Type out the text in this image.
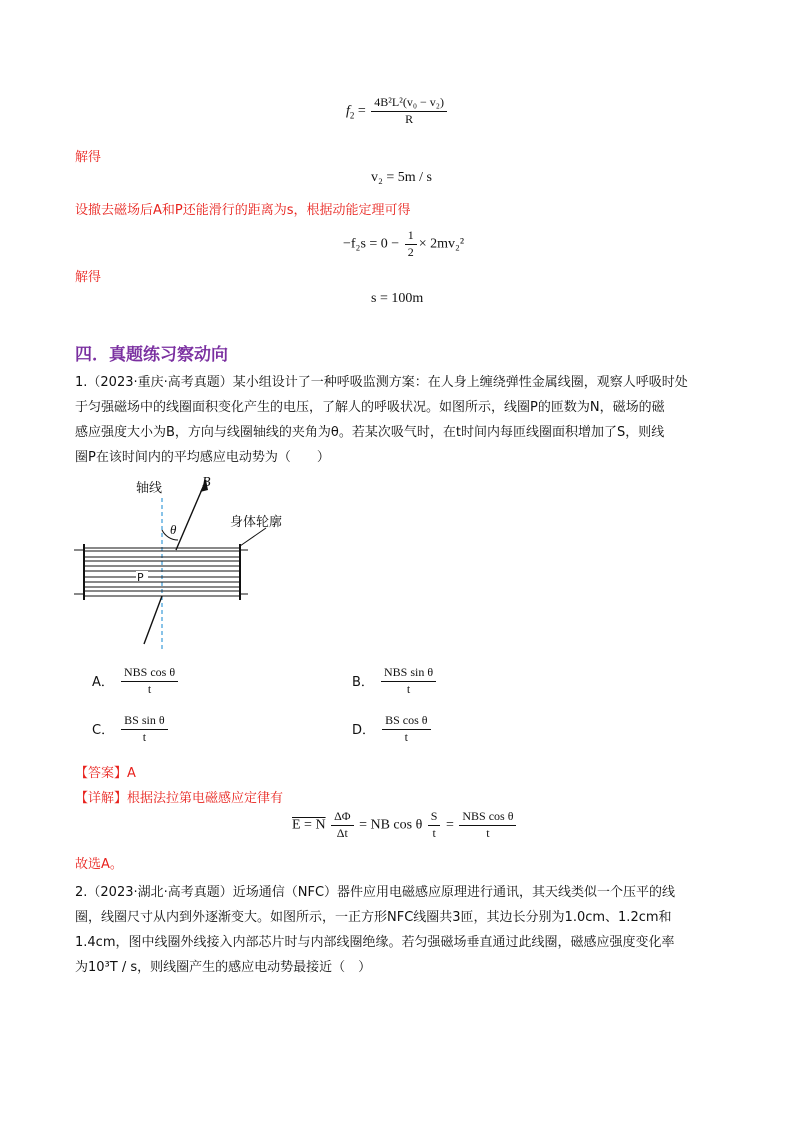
$f_2 = \frac{\text{4B²L²(v₀ − v₂)}}{R}$
解得
v₂ = 5m / s
设撤去磁场后A和P还能滑行的距离为s，根据动能定理可得
$-f_2s = 0 - \frac{1}{2} \times 2mv_2^2$
解得
s = 100m
四．真题练习察动向
1.（2023·重庆·高考真题）某小组设计了一种呼吸监测方案：在人身上缠绕弹性金属线圈，观察人呼吸时处
于匀强磁场中的线圈面积变化产生的电压，了解人的呼吸状况。如图所示，线圈P的匝数为N，磁场的磁
感应强度大小为B，方向与线圈轴线的夹角为θ。若某次吸气时，在t时间内每匝线圈面积增加了S，则线
圈P在该时间内的平均感应电动势为（　　）
轴线	B
θ	身体轮廓
P
A． $\frac{\text{NBS cos θ}}{t}$	B． $\frac{\text{NBS sin θ}}{t}$
C． $\frac{\text{BS sin θ}}{t}$	D． $\frac{\text{BS cos θ}}{t}$
【答案】A
【详解】根据法拉第电磁感应定律有
E = N $\frac{\Delta\Phi}{\Delta t}$ = NB cos θ $\frac{S}{t} = \frac{\text{NBS cos θ}}{t}$
故选A。
2.（2023·湖北·高考真题）近场通信（NFC）器件应用电磁感应原理进行通讯，其天线类似一个压平的线
圈，线圈尺寸从内到外逐渐变大。如图所示，一正方形NFC线圈共3匝，其边长分别为1.0cm、1.2cm和
1.4cm，图中线圈外线接入内部芯片时与内部线圈绝缘。若匀强磁场垂直通过此线圈，磁感应强度变化率
为10³T / s，则线圈产生的感应电动势最接近（　）
